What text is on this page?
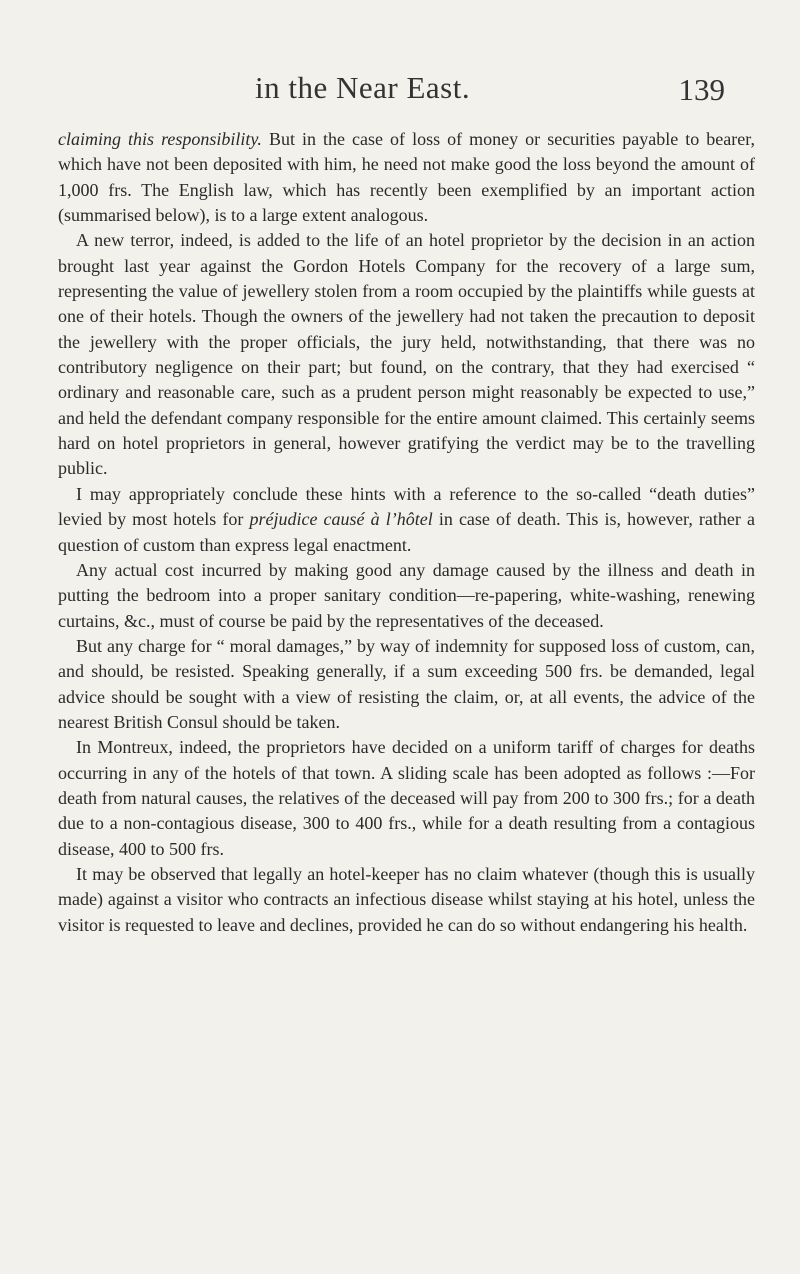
in the Near East.	139

claiming this responsibility. But in the case of loss of money or securities payable to bearer, which have not been deposited with him, he need not make good the loss beyond the amount of 1,000 frs. The English law, which has recently been exemplified by an important action (summarised below), is to a large extent analogous.

A new terror, indeed, is added to the life of an hotel proprietor by the decision in an action brought last year against the Gordon Hotels Company for the recovery of a large sum, representing the value of jewellery stolen from a room occupied by the plaintiffs while guests at one of their hotels. Though the owners of the jewellery had not taken the precaution to deposit the jewellery with the proper officials, the jury held, notwithstanding, that there was no contributory negligence on their part; but found, on the contrary, that they had exercised “ ordinary and reasonable care, such as a prudent person might reasonably be expected to use,” and held the defendant company responsible for the entire amount claimed. This certainly seems hard on hotel proprietors in general, however gratifying the verdict may be to the travelling public.

I may appropriately conclude these hints with a reference to the so-called “death duties” levied by most hotels for préjudice causé à l’hôtel in case of death. This is, however, rather a question of custom than express legal enactment.

Any actual cost incurred by making good any damage caused by the illness and death in putting the bedroom into a proper sanitary condition—re-papering, white-washing, renewing curtains, &c., must of course be paid by the representatives of the deceased.

But any charge for “ moral damages,” by way of indemnity for supposed loss of custom, can, and should, be resisted. Speaking generally, if a sum exceeding 500 frs. be demanded, legal advice should be sought with a view of resisting the claim, or, at all events, the advice of the nearest British Consul should be taken.

In Montreux, indeed, the proprietors have decided on a uniform tariff of charges for deaths occurring in any of the hotels of that town. A sliding scale has been adopted as follows :—For death from natural causes, the relatives of the deceased will pay from 200 to 300 frs.; for a death due to a non-contagious disease, 300 to 400 frs., while for a death resulting from a contagious disease, 400 to 500 frs.

It may be observed that legally an hotel-keeper has no claim whatever (though this is usually made) against a visitor who contracts an infectious disease whilst staying at his hotel, unless the visitor is requested to leave and declines, provided he can do so without endangering his health.
